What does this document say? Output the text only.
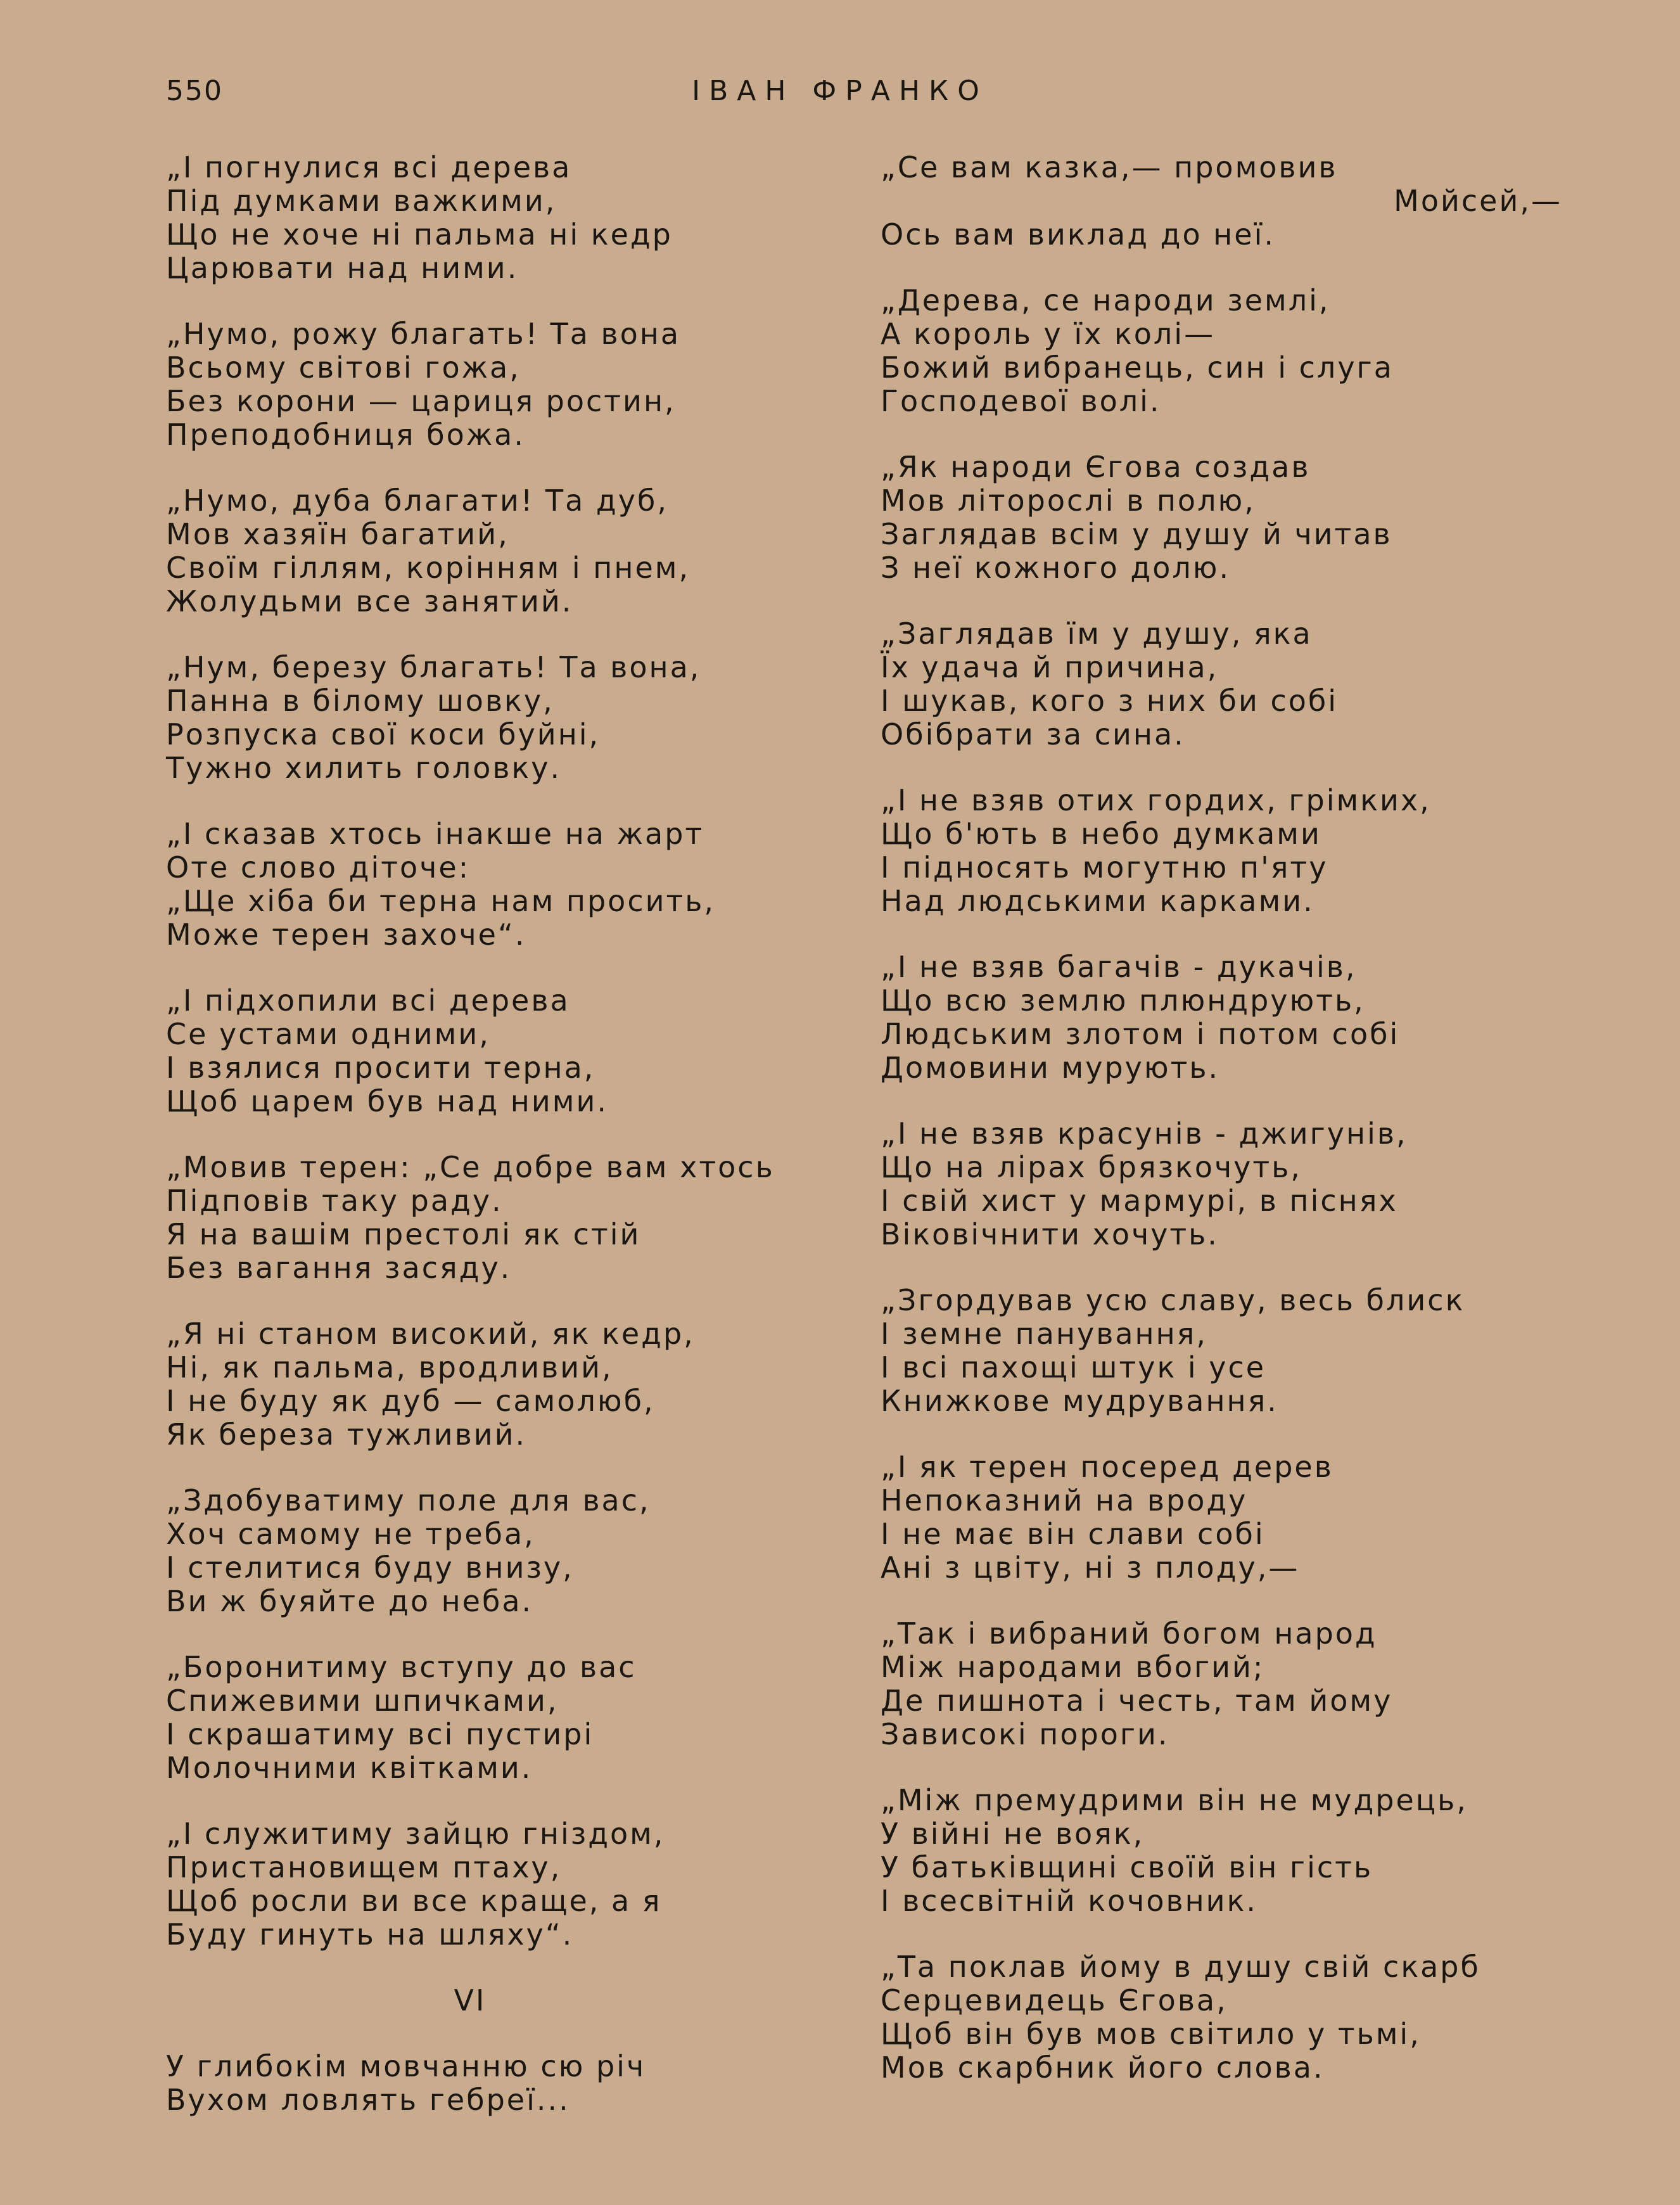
550	ІВАН ФРАНКО
„І погнулися всі дерева
Під думками важкими,
Що не хоче ні пальма ні кедр
Царювати над ними.
„Нумо, рожу благать! Та вона
Всьому світові гожа,
Без корони — цариця ростин,
Преподобниця божа.
„Нумо, дуба благати! Та дуб,
Мов хазяїн багатий,
Своїм гіллям, корінням і пнем,
Жолудьми все занятий.
„Нум, березу благать! Та вона,
Панна в білому шовку,
Розпуска свої коси буйні,
Тужно хилить головку.
„І сказав хтось інакше на жарт
Оте слово діточе:
„Ще хіба би терна нам просить,
Може терен захоче“.
„І підхопили всі дерева
Се устами одними,
І взялися просити терна,
Щоб царем був над ними.
„Мовив терен: „Се добре вам хтось
Підповів таку раду.
Я на вашім престолі як стій
Без вагання засяду.
„Я ні станом високий, як кедр,
Ні, як пальма, вродливий,
І не буду як дуб — самолюб,
Як береза тужливий.
„Здобуватиму поле для вас,
Хоч самому не треба,
І стелитися буду внизу,
Ви ж буяйте до неба.
„Боронитиму вступу до вас
Спижевими шпичками,
І скрашатиму всі пустирі
Молочними квітками.
„І служитиму зайцю гніздом,
Пристановищем птаху,
Щоб росли ви все краще, а я
Буду гинуть на шляху“.
VI
У глибокім мовчанню сю річ
Вухом ловлять гебреї...
„Се вам казка,— промовив
Мойсей,—
Ось вам виклад до неї.
„Дерева, се народи землі,
А король у їх колі—
Божий вибранець, син і слуга
Господевої волі.
„Як народи Єгова создав
Мов літорослі в полю,
Заглядав всім у душу й читав
З неї кожного долю.
„Заглядав їм у душу, яка
Їх удача й причина,
І шукав, кого з них би собі
Обібрати за сина.
„І не взяв отих гордих, грімких,
Що б'ють в небо думками
І підносять могутню п'яту
Над людськими карками.
„І не взяв багачів - дукачів,
Що всю землю плюндрують,
Людським злотом і потом собі
Домовини мурують.
„І не взяв красунів - джигунів,
Що на лірах брязкочуть,
І свій хист у мармурі, в піснях
Віковічнити хочуть.
„Згордував усю славу, весь блиск
І земне панування,
І всі пахощі штук і усе
Книжкове мудрування.
„І як терен посеред дерев
Непоказний на вроду
І не має він слави собі
Ані з цвіту, ні з плоду,—
„Так і вибраний богом народ
Між народами вбогий;
Де пишнота і честь, там йому
Зависокі пороги.
„Між премудрими він не мудрець,
У війні не вояк,
У батьківщині своїй він гість
І всесвітній кочовник.
„Та поклав йому в душу свій скарб
Серцевидець Єгова,
Щоб він був мов світило у тьмі,
Мов скарбник його слова.
